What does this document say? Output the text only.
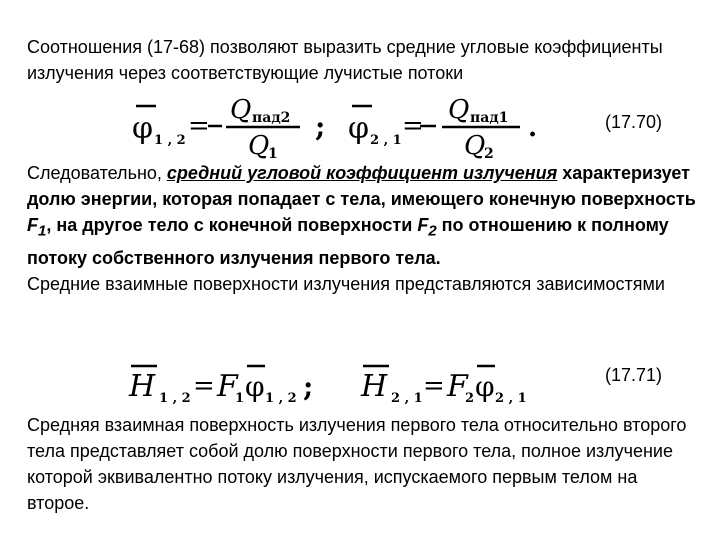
Соотношения (17-68) позволяют выразить средние угловые коэффициенты излучения через соответствующие лучистые потоки

φ 1 , 2 =
Q пад2
Q
1
; φ 2 , 1 =
Q пад1
Q
2
.	(17.70)

Следовательно, средний угловой коэффициент излучения характеризует долю энергии, которая попадает с тела, имеющего конечную поверхность $F_1$, на другое тело с конечной поверхности $F_2$ по отношению к полному потоку собственного излучения первого тела.
Средние взаимные поверхности излучения представляются зависимостями

H 1 , 2 = F
1 φ 1 , 2 ; H 2 , 1 = F
2 φ 2 , 1
(17.71)

Средняя взаимная поверхность излучения первого тела относительно второго тела представляет собой долю поверхности первого тела, полное излучение которой эквивалентно потоку излучения, испускаемого первым телом на второе.
